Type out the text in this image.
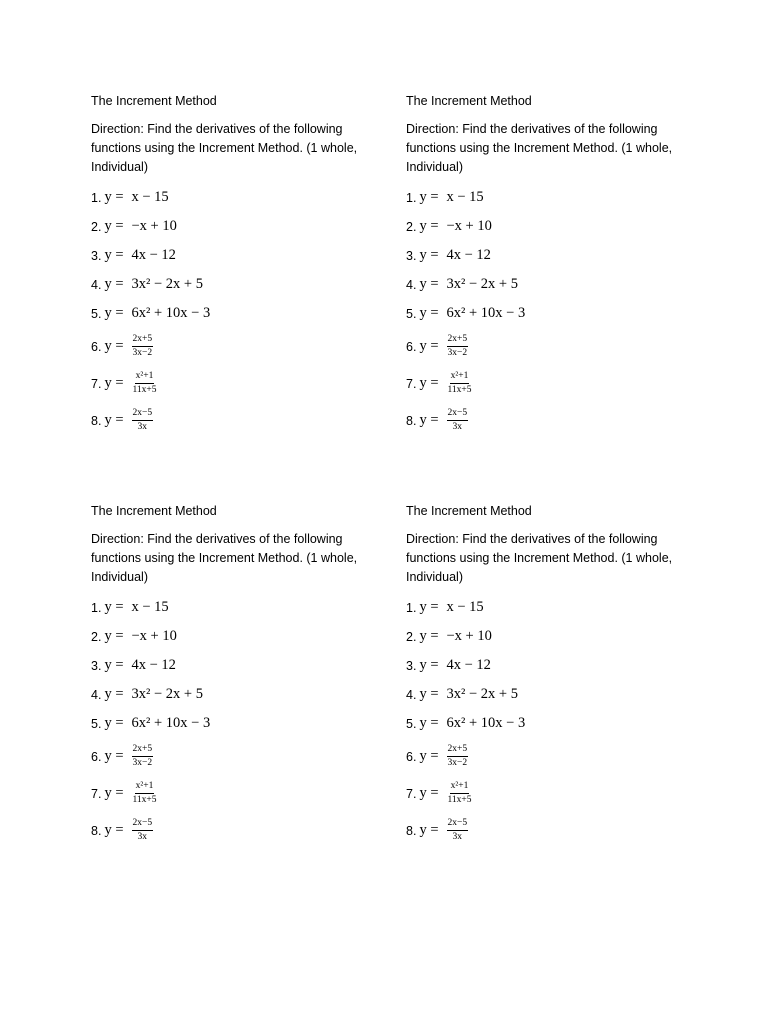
The Increment Method

Direction: Find the derivatives of the following functions using the Increment Method. (1 whole, Individual)

1. y = x − 15
2. y = −x + 10
3. y = 4x − 12
4. y = 3x² − 2x + 5
5. y = 6x² + 10x − 3
6. $y = \frac{2x+5}{3x-2}$
7. $y = \frac{\text{x²+1}}{11x+5}$
8. $y = \frac{2x-5}{3x}$

The Increment Method

Direction: Find the derivatives of the following functions using the Increment Method. (1 whole, Individual)

1. y = x − 15
2. y = −x + 10
3. y = 4x − 12
4. y = 3x² − 2x + 5
5. y = 6x² + 10x − 3
6. $y = \frac{2x+5}{3x-2}$
7. $y = \frac{\text{x²+1}}{11x+5}$
8. $y = \frac{2x-5}{3x}$

The Increment Method

Direction: Find the derivatives of the following functions using the Increment Method. (1 whole, Individual)

1. y = x − 15
2. y = −x + 10
3. y = 4x − 12
4. y = 3x² − 2x + 5
5. y = 6x² + 10x − 3
6. $y = \frac{2x+5}{3x-2}$
7. $y = \frac{\text{x²+1}}{11x+5}$
8. $y = \frac{2x-5}{3x}$

The Increment Method

Direction: Find the derivatives of the following functions using the Increment Method. (1 whole, Individual)

1. y = x − 15
2. y = −x + 10
3. y = 4x − 12
4. y = 3x² − 2x + 5
5. y = 6x² + 10x − 3
6. $y = \frac{2x+5}{3x-2}$
7. $y = \frac{\text{x²+1}}{11x+5}$
8. $y = \frac{2x-5}{3x}$
